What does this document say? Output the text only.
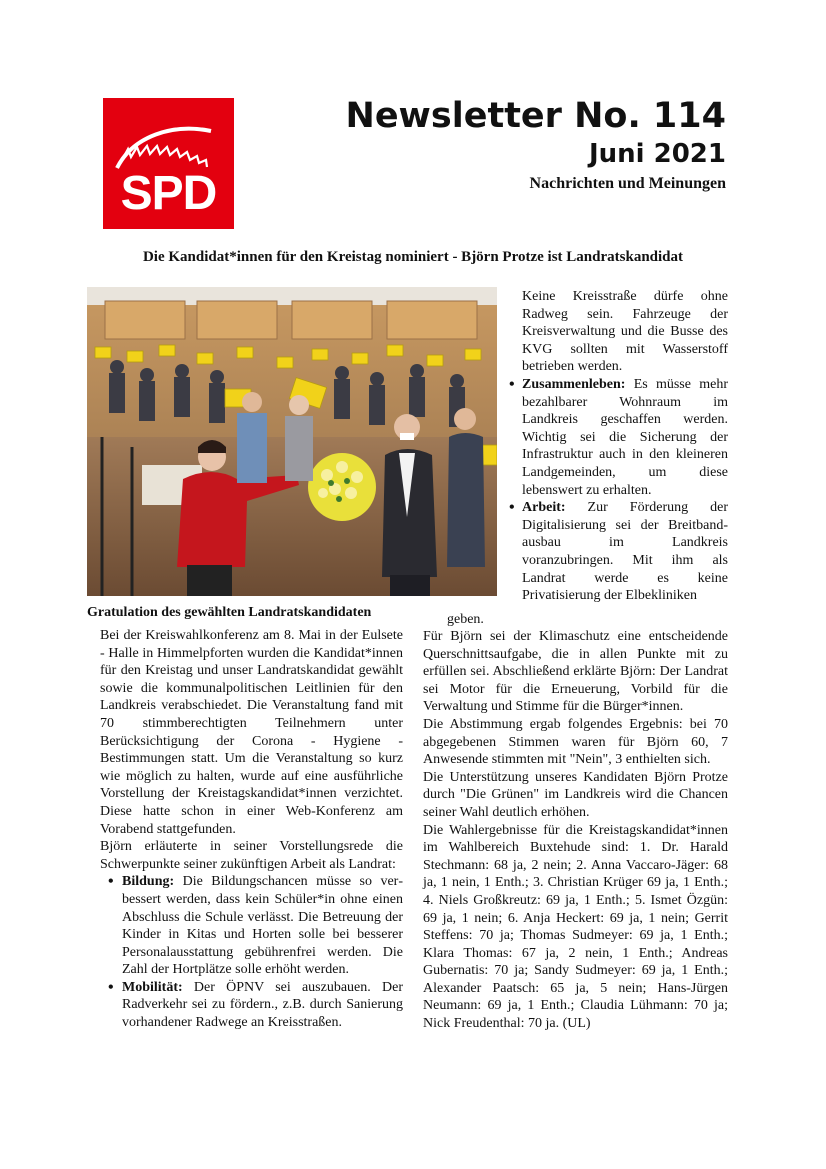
SPD
Newsletter No. 114
Juni 2021
Nachrichten und Meinungen
Die Kandidat*innen für den Kreistag nominiert - Björn Protze ist Landratskandidat
Gratulation des gewählten Landratskandidaten

Keine Kreisstraße dürfe ohne Radweg sein. Fahrzeuge der Kreisverwaltung und die Busse des KVG sollten mit Wasserstoff betrieben werden.

• Zusammenleben: Es müsse mehr bezahlbarer Wohnraum im Landkreis geschaffen werden. Wichtig sei die Sicherung der Infrastruktur auch in den kleineren Landgemeinden, um diese lebenswert zu erhalten.

• Arbeit: Zur Förderung der Digitalisierung sei der Breitbandausbau im Landkreis voranzubringen. Mit ihm als Landrat werde es keine Privatisierung der Elbekliniken

geben.

Bei der Kreiswahlkonferenz am 8. Mai in der Eulsete - Halle in Himmelpforten wurden die Kandidat*innen für den Kreistag und unser Landratskandidat gewählt sowie die kommunalpolitischen Leitlinien für den Landkreis verabschiedet. Die Veranstaltung fand mit 70 stimmberechtigten Teilnehmern unter Berücksichtigung der Corona - Hygiene - Bestimmungen statt. Um die Veranstaltung so kurz wie möglich zu halten, wurde auf eine ausführliche Vorstellung der Kreistagskandidat*innen verzichtet. Diese hatte schon in einer Web-Konferenz am Vorabend stattgefunden.

Björn erläuterte in seiner Vorstellungsrede die Schwerpunkte seiner zukünftigen Arbeit als Landrat:

• Bildung: Die Bildungschancen müsse so verbessert werden, dass kein Schüler*in ohne einen Abschluss die Schule verlässt. Die Betreuung der Kinder in Kitas und Horten solle bei besserer Personalausstattung gebührenfrei werden. Die Zahl der Hortplätze solle erhöht werden.

• Mobilität: Der ÖPNV sei auszubauen. Der Radverkehr sei zu fördern., z.B. durch Sanierung vorhandener Radwege an Kreisstraßen.

Für Björn sei der Klimaschutz eine entscheidende Querschnittsaufgabe, die in allen Punkte mit zu erfüllen sei. Abschließend erklärte Björn: Der Landrat sei Motor für die Erneuerung, Vorbild für die Verwaltung und Stimme für die Bürger*innen.

Die Abstimmung ergab folgendes Ergebnis: bei 70 abgegebenen Stimmen waren für Björn 60, 7 Anwesende stimmten mit "Nein", 3 enthielten sich.

Die Unterstützung unseres Kandidaten Björn Protze durch "Die Grünen" im Landkreis wird die Chancen seiner Wahl deutlich erhöhen.

Die Wahlergebnisse für die Kreistagskandidat*innen im Wahlbereich Buxtehude sind: 1. Dr. Harald Stechmann: 68 ja, 2 nein; 2. Anna Vaccaro-Jäger: 68 ja, 1 nein, 1 Enth.; 3. Christian Krüger 69 ja, 1 Enth.; 4. Niels Großkreutz: 69 ja, 1 Enth.; 5. Ismet Özgün: 69 ja, 1 nein; 6. Anja Heckert: 69 ja, 1 nein; Gerrit Steffens: 70 ja; Thomas Sudmeyer: 69 ja, 1 Enth.; Klara Thomas: 67 ja, 2 nein, 1 Enth.; Andreas Gubernatis: 70 ja; Sandy Sudmeyer: 69 ja, 1 Enth.; Alexander Paatsch: 65 ja, 5 nein; Hans-Jürgen Neumann: 69 ja, 1 Enth.; Claudia Lühmann: 70 ja; Nick Freudenthal: 70 ja. (UL)
